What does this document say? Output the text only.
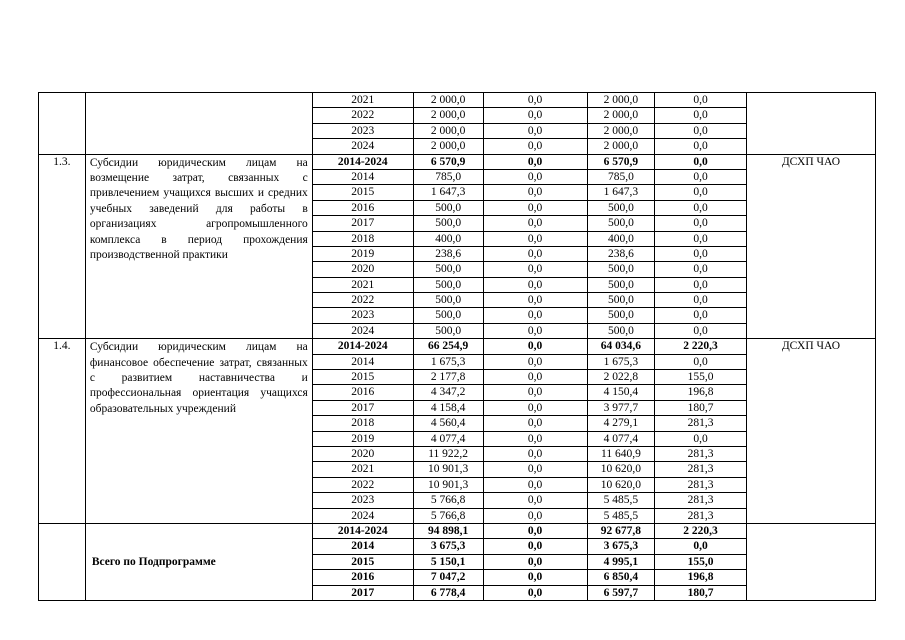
		2021	2 000,0	0,0	2 000,0	0,0	
		2022	2 000,0	0,0	2 000,0	0,0	
		2023	2 000,0	0,0	2 000,0	0,0	
		2024	2 000,0	0,0	2 000,0	0,0	
1.3.	Субсидии юридическим лицам на возмещение затрат, связанных с привлечением учащихся высших и средних учебных заведений для работы в организациях агропромышленного комплекса в период прохождения производственной практики	2014-2024	6 570,9	0,0	6 570,9	0,0	ДСХП ЧАО
		2014	785,0	0,0	785,0	0,0	
		2015	1 647,3	0,0	1 647,3	0,0	
		2016	500,0	0,0	500,0	0,0	
		2017	500,0	0,0	500,0	0,0	
		2018	400,0	0,0	400,0	0,0	
		2019	238,6	0,0	238,6	0,0	
		2020	500,0	0,0	500,0	0,0	
		2021	500,0	0,0	500,0	0,0	
		2022	500,0	0,0	500,0	0,0	
		2023	500,0	0,0	500,0	0,0	
		2024	500,0	0,0	500,0	0,0	
1.4.	Субсидии юридическим лицам на финансовое обеспечение затрат, связанных с развитием наставничества и профессиональная ориентация учащихся образовательных учреждений	2014-2024	66 254,9	0,0	64 034,6	2 220,3	ДСХП ЧАО
		2014	1 675,3	0,0	1 675,3	0,0	
		2015	2 177,8	0,0	2 022,8	155,0	
		2016	4 347,2	0,0	4 150,4	196,8	
		2017	4 158,4	0,0	3 977,7	180,7	
		2018	4 560,4	0,0	4 279,1	281,3	
		2019	4 077,4	0,0	4 077,4	0,0	
		2020	11 922,2	0,0	11 640,9	281,3	
		2021	10 901,3	0,0	10 620,0	281,3	
		2022	10 901,3	0,0	10 620,0	281,3	
		2023	5 766,8	0,0	5 485,5	281,3	
		2024	5 766,8	0,0	5 485,5	281,3	
	Всего по Подпрограмме	2014-2024	94 898,1	0,0	92 677,8	2 220,3	
		2014	3 675,3	0,0	3 675,3	0,0	
		2015	5 150,1	0,0	4 995,1	155,0	
		2016	7 047,2	0,0	6 850,4	196,8	
		2017	6 778,4	0,0	6 597,7	180,7	
